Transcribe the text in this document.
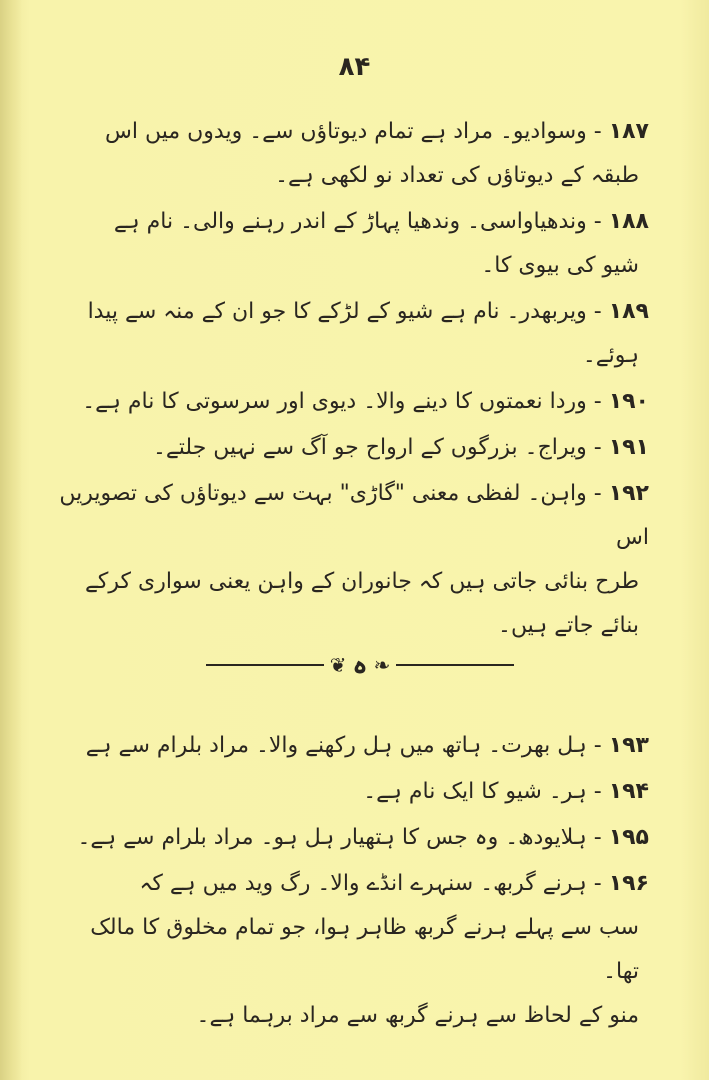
۸۴
۱۸۷ - وسوادیو۔ مراد ہے تمام دیوتاؤں سے۔ ویدوں میں اس
طبقہ کے دیوتاؤں کی تعداد نو لکھی ہے۔
۱۸۸ - وندھیاواسی۔ وندھیا پہاڑ کے اندر رہنے والی۔ نام ہے
شیو کی بیوی کا۔
۱۸۹ - ویربھدر۔ نام ہے شیو کے لڑکے کا جو ان کے منہ سے پیدا
ہوئے۔
۱۹۰ - وردا نعمتوں کا دینے والا۔ دیوی اور سرسوتی کا نام ہے۔
۱۹۱ - ویراج۔ بزرگوں کے ارواح جو آگ سے نہیں جلتے۔
۱۹۲ - واہن۔ لفظی معنی "گاڑی" بہت سے دیوتاؤں کی تصویریں اس
طرح بنائی جاتی ہیں کہ جانوران کے واہن یعنی سواری کرکے
بنائے جاتے ہیں۔
❦ ہ ❧
۱۹۳ - ہل بھرت۔ ہاتھ میں ہل رکھنے والا۔ مراد بلرام سے ہے
۱۹۴ - ہر۔ شیو کا ایک نام ہے۔
۱۹۵ - ہلایودھ۔ وہ جس کا ہتھیار ہل ہو۔ مراد بلرام سے ہے۔
۱۹۶ - ہرنے گربھ۔ سنہرے انڈے والا۔ رگ وید میں ہے کہ
سب سے پہلے ہرنے گربھ ظاہر ہوا، جو تمام مخلوق کا مالک تھا۔
منو کے لحاظ سے ہرنے گربھ سے مراد برہما ہے۔
